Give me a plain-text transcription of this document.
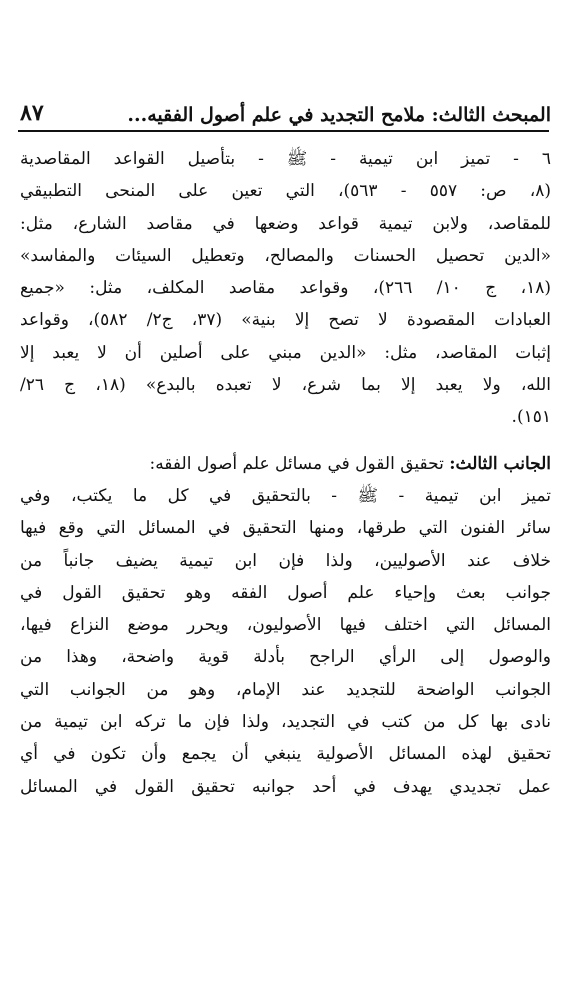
المبحث الثالث: ملامح التجديد في علم أصول الفقيه...
٨٧

٦ - تميز ابن تيمية - ﷺ - بتأصيل القواعد المقاصدية
(٨، ص: ٥٥٧ - ٥٦٣)، التي تعين على المنحى التطبيقي
للمقاصد، ولابن تيمية قواعد وضعها في مقاصد الشارع، مثل:
«الدين تحصيل الحسنات والمصالح، وتعطيل السيئات والمفاسد»
(١٨، ج ١٠/ ٢٦٦)، وقواعد مقاصد المكلف، مثل: «جميع
العبادات المقصودة لا تصح إلا بنية» (٣٧، ج٢/ ٥٨٢)، وقواعد
إثبات المقاصد، مثل: «الدين مبني على أصلين أن لا يعبد إلا
الله، ولا يعبد إلا بما شرع، لا تعبده بالبدع» (١٨، ج ٢٦/
١٥١).

الجانب الثالث: تحقيق القول في مسائل علم أصول الفقه:

تميز ابن تيمية - ﷺ - بالتحقيق في كل ما يكتب، وفي
سائر الفنون التي طرقها، ومنها التحقيق في المسائل التي وقع فيها
خلاف عند الأصوليين، ولذا فإن ابن تيمية يضيف جانباً من
جوانب بعث وإحياء علم أصول الفقه وهو تحقيق القول في
المسائل التي اختلف فيها الأصوليون، ويحرر موضع النزاع فيها،
والوصول إلى الرأي الراجح بأدلة قوية واضحة، وهذا من
الجوانب الواضحة للتجديد عند الإمام، وهو من الجوانب التي
نادى بها كل من كتب في التجديد، ولذا فإن ما تركه ابن تيمية من
تحقيق لهذه المسائل الأصولية ينبغي أن يجمع وأن تكون في أي
عمل تجديدي يهدف في أحد جوانبه تحقيق القول في المسائل
